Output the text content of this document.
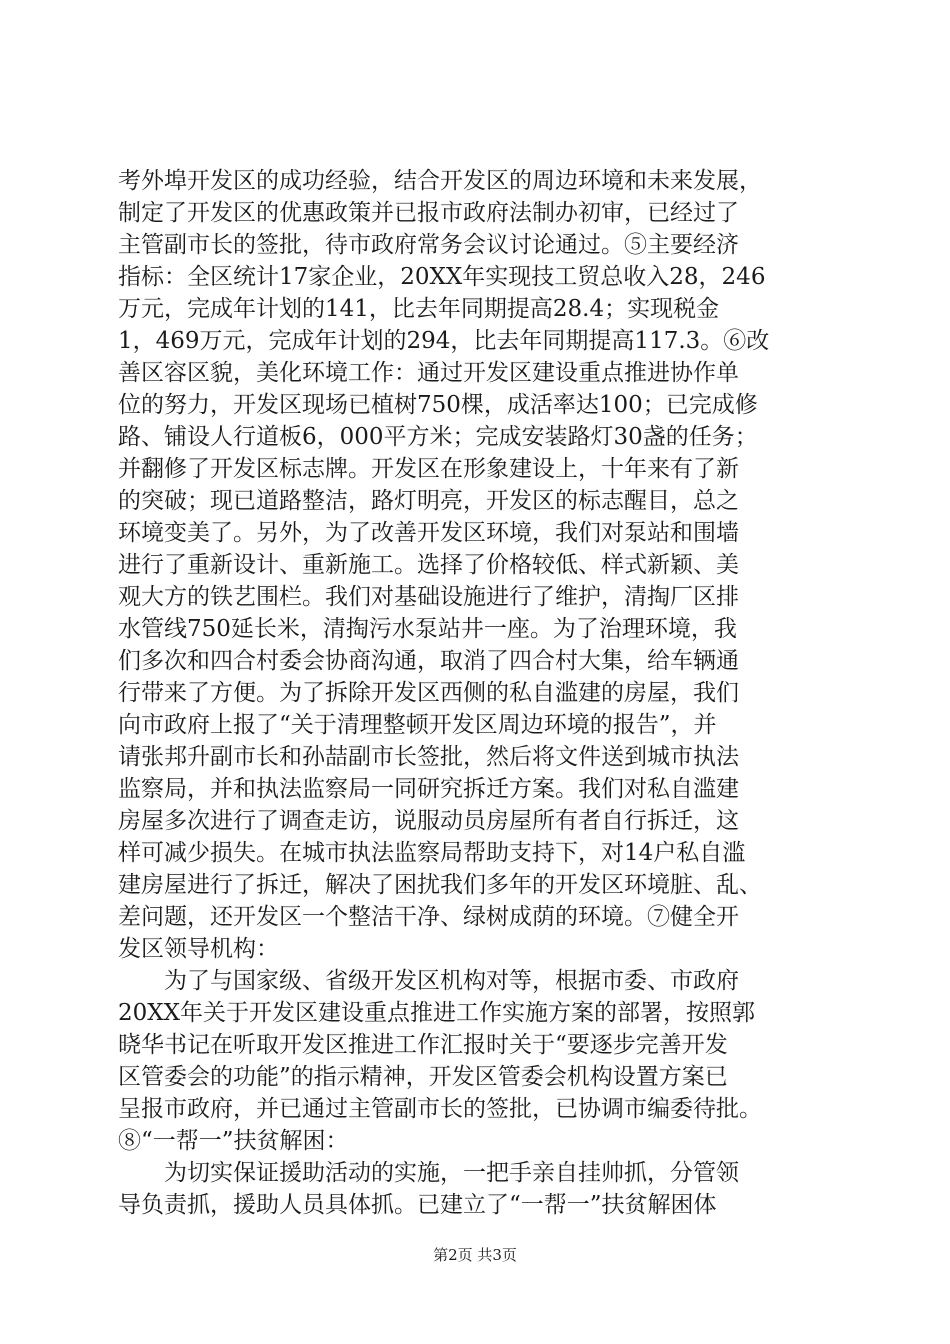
考外埠开发区的成功经验，结合开发区的周边环境和未来发展，
制定了开发区的优惠政策并已报市政府法制办初审，已经过了
主管副市长的签批，待市政府常务会议讨论通过。⑤主要经济
指标：全区统计17家企业，20XX年实现技工贸总收入28，246
万元，完成年计划的141，比去年同期提高28.4；实现税金
1，469万元，完成年计划的294，比去年同期提高117.3。⑥改
善区容区貌，美化环境工作：通过开发区建设重点推进协作单
位的努力，开发区现场已植树750棵，成活率达100；已完成修
路、铺设人行道板6，000平方米；完成安装路灯30盏的任务；
并翻修了开发区标志牌。开发区在形象建设上，十年来有了新
的突破；现已道路整洁，路灯明亮，开发区的标志醒目，总之
环境变美了。另外，为了改善开发区环境，我们对泵站和围墙
进行了重新设计、重新施工。选择了价格较低、样式新颖、美
观大方的铁艺围栏。我们对基础设施进行了维护，清掏厂区排
水管线750延长米，清掏污水泵站井一座。为了治理环境，我
们多次和四合村委会协商沟通，取消了四合村大集，给车辆通
行带来了方便。为了拆除开发区西侧的私自滥建的房屋，我们
向市政府上报了“关于清理整顿开发区周边环境的报告”，并
请张邦升副市长和孙喆副市长签批，然后将文件送到城市执法
监察局，并和执法监察局一同研究拆迁方案。我们对私自滥建
房屋多次进行了调查走访，说服动员房屋所有者自行拆迁，这
样可减少损失。在城市执法监察局帮助支持下，对14户私自滥
建房屋进行了拆迁，解决了困扰我们多年的开发区环境脏、乱、
差问题，还开发区一个整洁干净、绿树成荫的环境。⑦健全开
发区领导机构：
　　为了与国家级、省级开发区机构对等，根据市委、市政府
20XX年关于开发区建设重点推进工作实施方案的部署，按照郭
晓华书记在听取开发区推进工作汇报时关于“要逐步完善开发
区管委会的功能”的指示精神，开发区管委会机构设置方案已
呈报市政府，并已通过主管副市长的签批，已协调市编委待批。
⑧“一帮一”扶贫解困：
　　为切实保证援助活动的实施，一把手亲自挂帅抓，分管领
导负责抓，援助人员具体抓。已建立了“一帮一”扶贫解困体
第2页 共3页
